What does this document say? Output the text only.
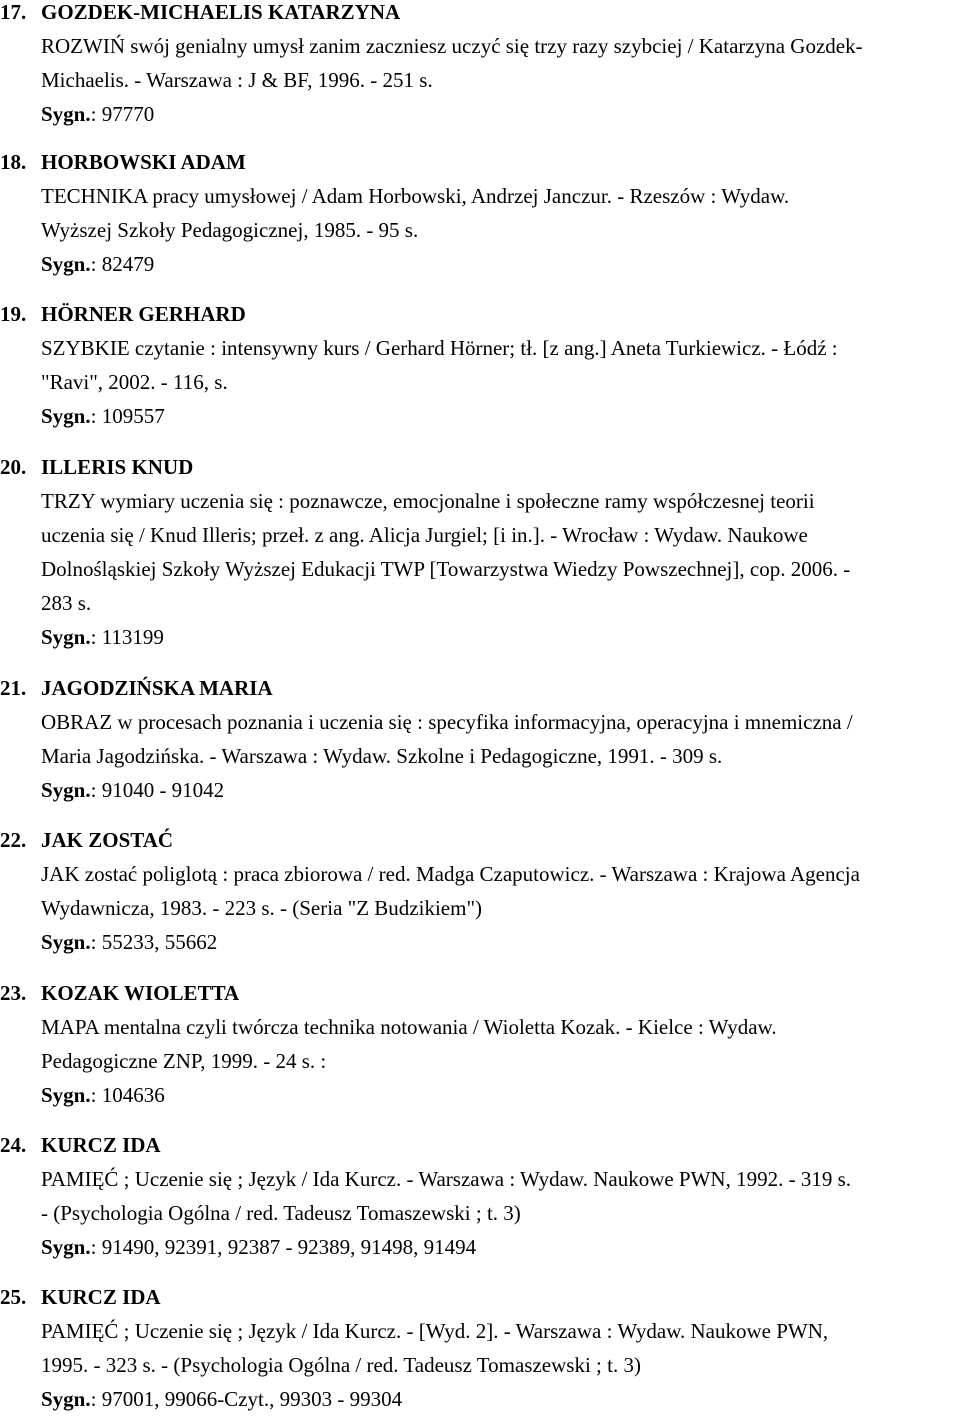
17. GOZDEK-MICHAELIS KATARZYNA
ROZWIŃ swój genialny umysł zanim zaczniesz uczyć się trzy razy szybciej / Katarzyna Gozdek-
Michaelis. - Warszawa : J & BF, 1996. - 251 s.
Sygn.: 97770
18. HORBOWSKI ADAM
TECHNIKA pracy umysłowej / Adam Horbowski, Andrzej Janczur. - Rzeszów : Wydaw.
Wyższej Szkoły Pedagogicznej, 1985. - 95 s.
Sygn.: 82479
19. HÖRNER GERHARD
SZYBKIE czytanie : intensywny kurs / Gerhard Hörner; tł. [z ang.] Aneta Turkiewicz. - Łódź :
"Ravi", 2002. - 116, s.
Sygn.: 109557
20. ILLERIS KNUD
TRZY wymiary uczenia się : poznawcze, emocjonalne i społeczne ramy współczesnej teorii
uczenia się / Knud Illeris; przeł. z ang. Alicja Jurgiel; [i in.]. - Wrocław : Wydaw. Naukowe
Dolnośląskiej Szkoły Wyższej Edukacji TWP [Towarzystwa Wiedzy Powszechnej], cop. 2006. -
283 s.
Sygn.: 113199
21. JAGODZIŃSKA MARIA
OBRAZ w procesach poznania i uczenia się : specyfika informacyjna, operacyjna i mnemiczna /
Maria Jagodzińska. - Warszawa : Wydaw. Szkolne i Pedagogiczne, 1991. - 309 s.
Sygn.: 91040 - 91042
22. JAK ZOSTAĆ
JAK zostać poliglotą : praca zbiorowa / red. Madga Czaputowicz. - Warszawa : Krajowa Agencja
Wydawnicza, 1983. - 223 s. - (Seria "Z Budzikiem")
Sygn.: 55233, 55662
23. KOZAK WIOLETTA
MAPA mentalna czyli twórcza technika notowania / Wioletta Kozak. - Kielce : Wydaw.
Pedagogiczne ZNP, 1999. - 24 s. :
Sygn.: 104636
24. KURCZ IDA
PAMIĘĆ ; Uczenie się ; Język / Ida Kurcz. - Warszawa : Wydaw. Naukowe PWN, 1992. - 319 s.
- (Psychologia Ogólna / red. Tadeusz Tomaszewski ; t. 3)
Sygn.: 91490, 92391, 92387 - 92389, 91498, 91494
25. KURCZ IDA
PAMIĘĆ ; Uczenie się ; Język / Ida Kurcz. - [Wyd. 2]. - Warszawa : Wydaw. Naukowe PWN,
1995. - 323 s. - (Psychologia Ogólna / red. Tadeusz Tomaszewski ; t. 3)
Sygn.: 97001, 99066-Czyt., 99303 - 99304
